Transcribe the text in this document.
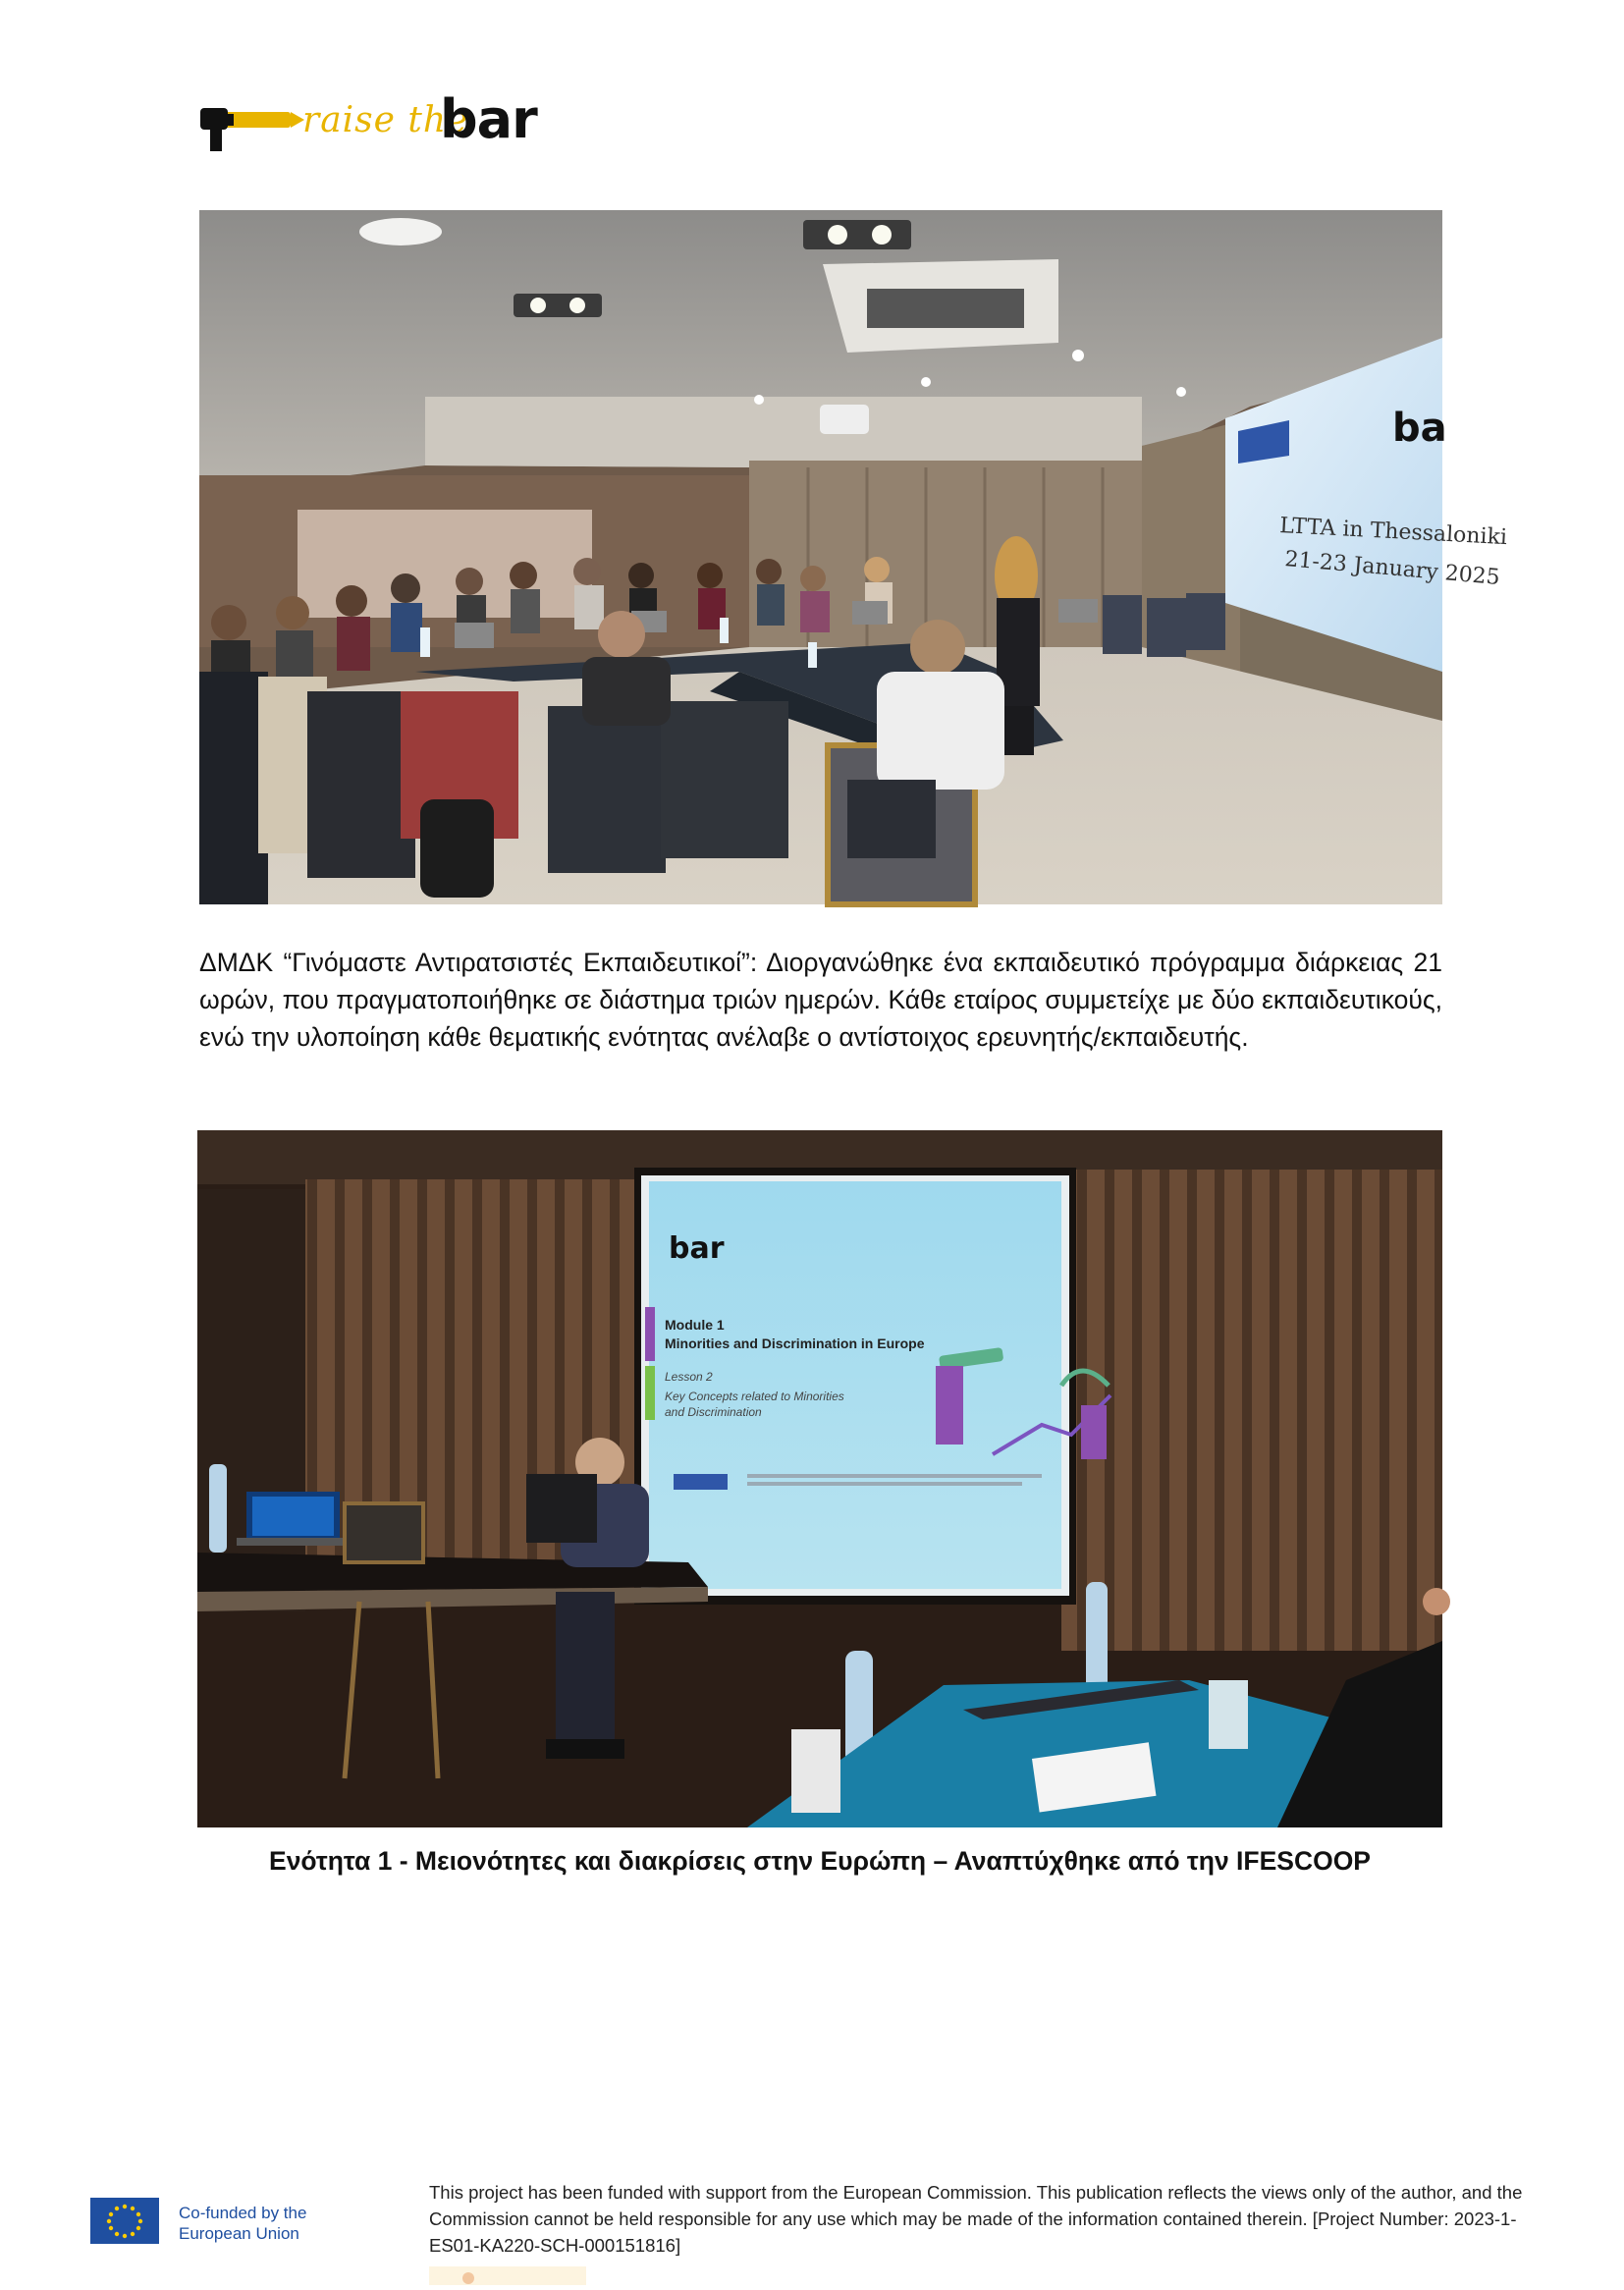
raise the
bar
ba
LTTA in Thessaloniki
21-23 January 2025

ΔΜΔΚ “Γινόμαστε Αντιρατσιστές Εκπαιδευτικοί”: Διοργανώθηκε ένα εκπαιδευτικό πρόγραμμα διάρκειας 21 ωρών, που πραγματοποιήθηκε σε διάστημα τριών ημερών. Κάθε εταίρος συμμετείχε με δύο εκπαιδευτικούς, ενώ την υλοποίηση κάθε θεματικής ενότητας ανέλαβε ο αντίστοιχος ερευνητής/εκπαιδευτής.

bar
Module 1
Minorities and Discrimination in Europe
Lesson 2
Key Concepts related to Minorities
and Discrimination

Ενότητα 1 - Μειονότητες και διακρίσεις στην Ευρώπη – Αναπτύχθηκε από την IFESCOOP

Co-funded by the
European Union

This project has been funded with support from the European Commission. This publication reflects the views only of the author, and the Commission cannot be held responsible for any use which may be made of the information contained therein. [Project Number: 2023-1-ES01-KA220-SCH-000151816]
